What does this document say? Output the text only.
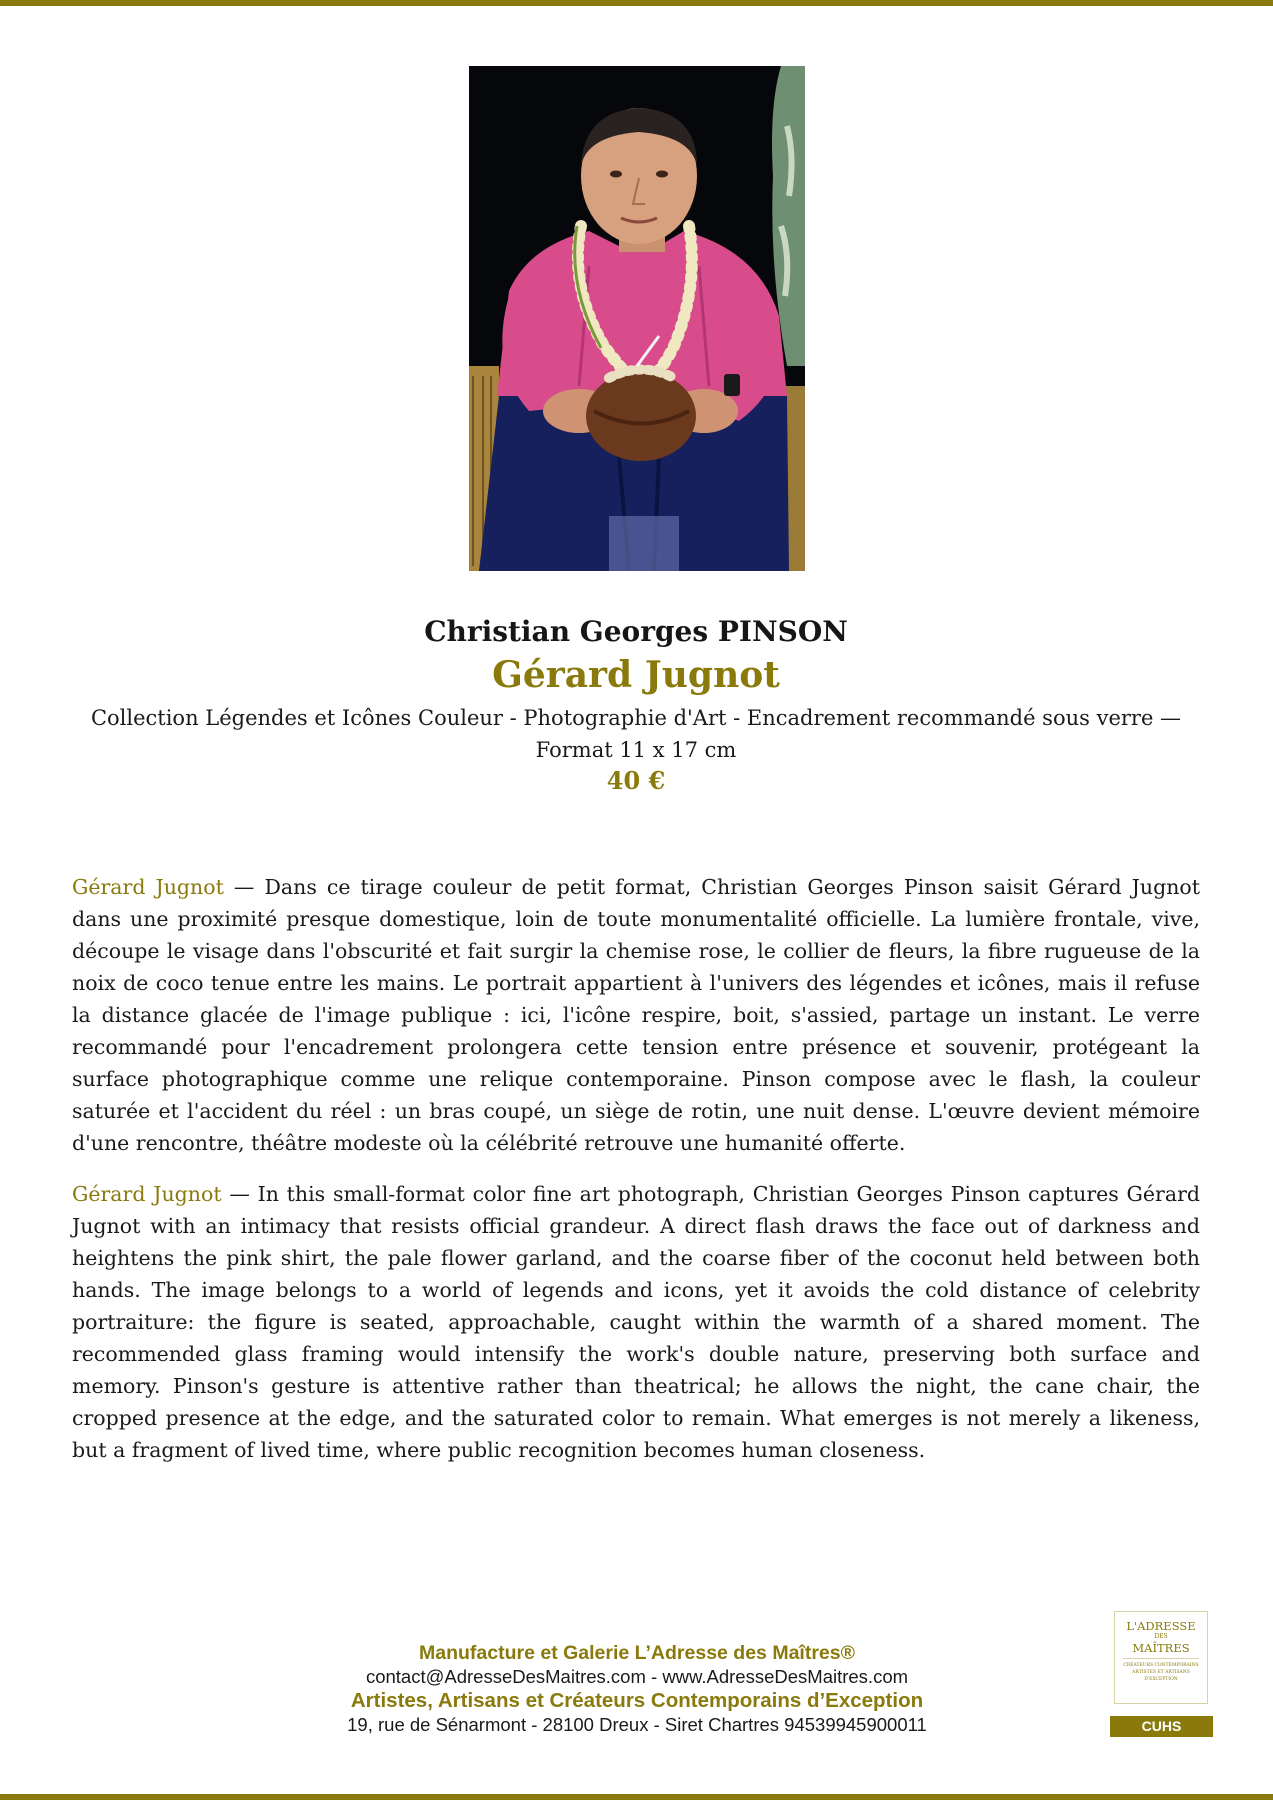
Christian Georges PINSON
Gérard Jugnot
Collection Légendes et Icônes Couleur - Photographie d'Art - Encadrement recommandé sous verre — Format 11 x 17 cm
40 €

Gérard Jugnot — Dans ce tirage couleur de petit format, Christian Georges Pinson saisit Gérard Jugnot dans une proximité presque domestique, loin de toute monumentalité officielle. La lumière frontale, vive, découpe le visage dans l'obscurité et fait surgir la chemise rose, le collier de fleurs, la fibre rugueuse de la noix de coco tenue entre les mains. Le portrait appartient à l'univers des légendes et icônes, mais il refuse la distance glacée de l'image publique : ici, l'icône respire, boit, s'assied, partage un instant. Le verre recommandé pour l'encadrement prolongera cette tension entre présence et souvenir, protégeant la surface photographique comme une relique contemporaine. Pinson compose avec le flash, la couleur saturée et l'accident du réel : un bras coupé, un siège de rotin, une nuit dense. L'œuvre devient mémoire d'une rencontre, théâtre modeste où la célébrité retrouve une humanité offerte.

Gérard Jugnot — In this small-format color fine art photograph, Christian Georges Pinson captures Gérard Jugnot with an intimacy that resists official grandeur. A direct flash draws the face out of darkness and heightens the pink shirt, the pale flower garland, and the coarse fiber of the coconut held between both hands. The image belongs to a world of legends and icons, yet it avoids the cold distance of celebrity portraiture: the figure is seated, approachable, caught within the warmth of a shared moment. The recommended glass framing would intensify the work's double nature, preserving both surface and memory. Pinson's gesture is attentive rather than theatrical; he allows the night, the cane chair, the cropped presence at the edge, and the saturated color to remain. What emerges is not merely a likeness, but a fragment of lived time, where public recognition becomes human closeness.

Manufacture et Galerie L’Adresse des Maîtres®
contact@AdresseDesMaitres.com - www.AdresseDesMaitres.com
Artistes, Artisans et Créateurs Contemporains d’Exception
19, rue de Sénarmont - 28100 Dreux - Siret Chartres 94539945900011
L'ADRESSE
DES
MAÎTRES
CRÉATEURS CONTEMPORAINS ARTISTES ET ARTISANS D'EXCEPTION
CUHS
